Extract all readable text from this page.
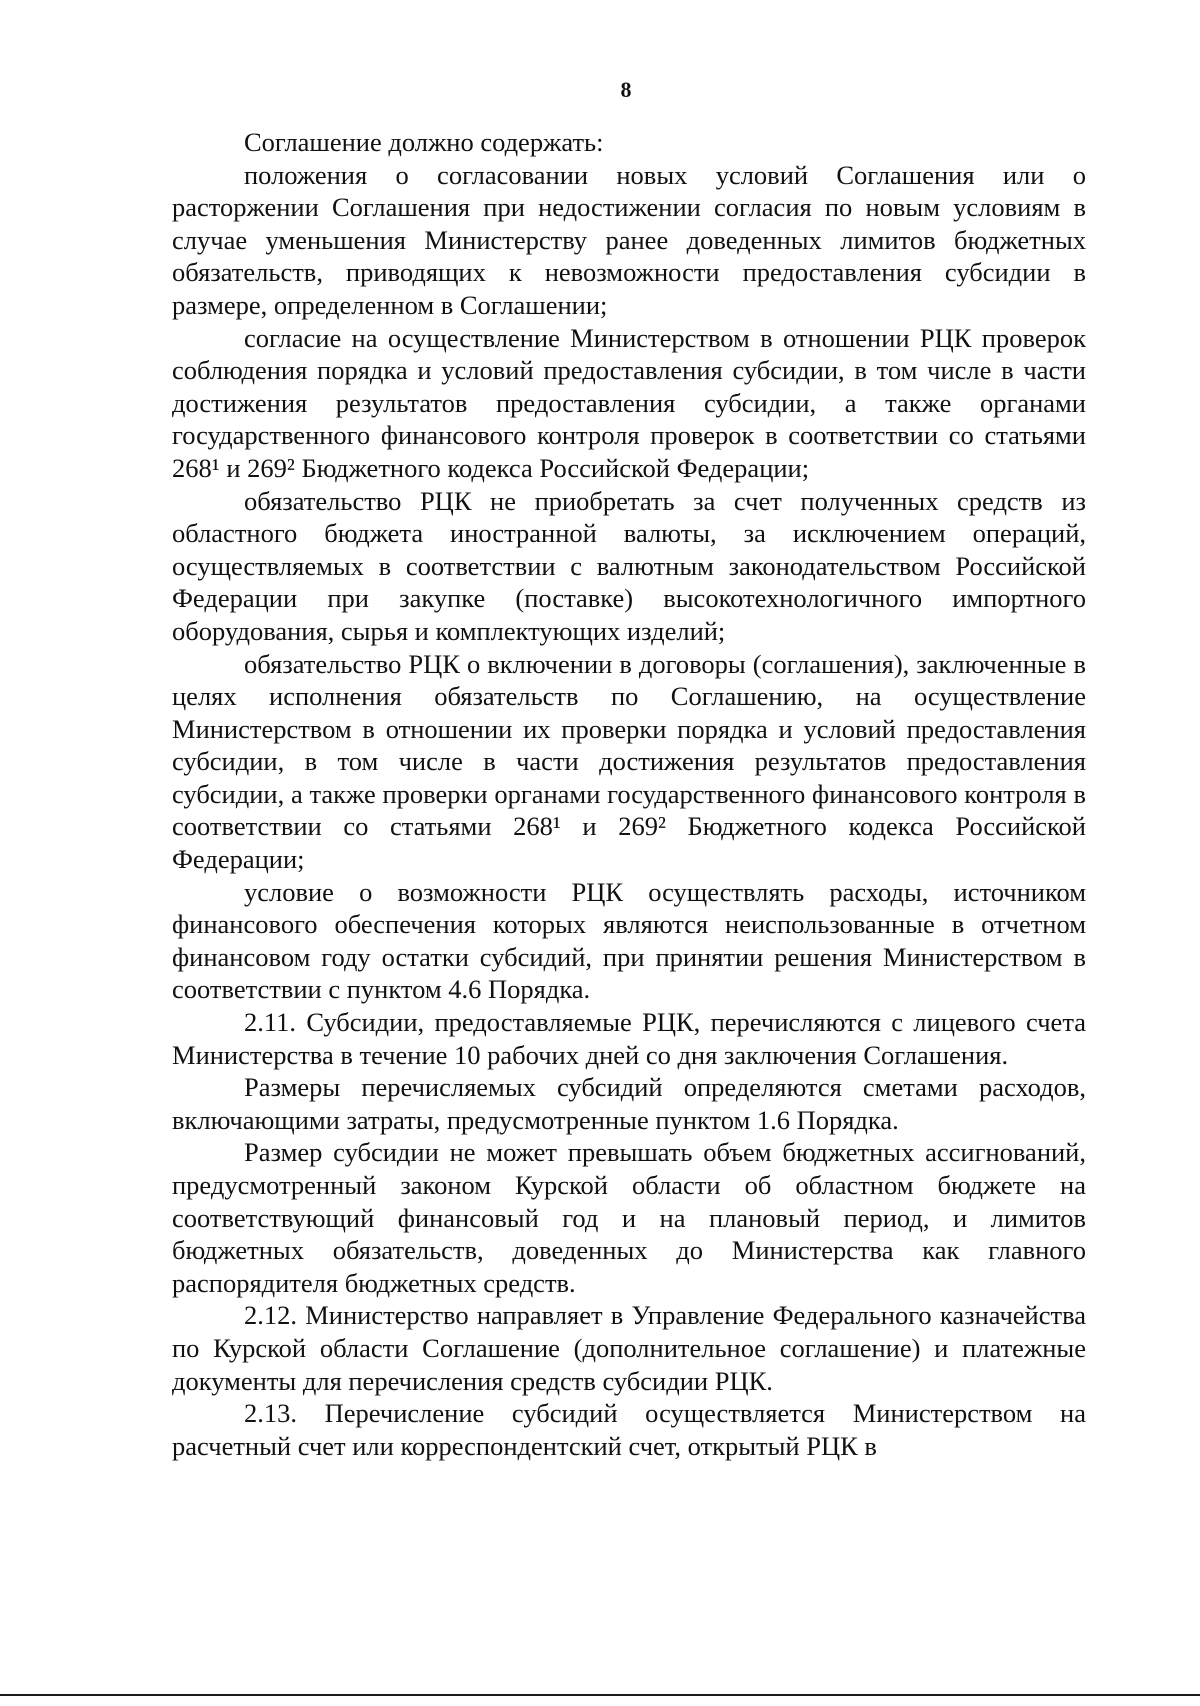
8

Соглашение должно содержать:

положения о согласовании новых условий Соглашения или о расторжении Соглашения при недостижении согласия по новым условиям в случае уменьшения Министерству ранее доведенных лимитов бюджетных обязательств, приводящих к невозможности предоставления субсидии в размере, определенном в Соглашении;

согласие на осуществление Министерством в отношении РЦК проверок соблюдения порядка и условий предоставления субсидии, в том числе в части достижения результатов предоставления субсидии, а также органами государственного финансового контроля проверок в соответствии со статьями 268¹ и 269² Бюджетного кодекса Российской Федерации;

обязательство РЦК не приобретать за счет полученных средств из областного бюджета иностранной валюты, за исключением операций, осуществляемых в соответствии с валютным законодательством Российской Федерации при закупке (поставке) высокотехнологичного импортного оборудования, сырья и комплектующих изделий;

обязательство РЦК о включении в договоры (соглашения), заключенные в целях исполнения обязательств по Соглашению, на осуществление Министерством в отношении их проверки порядка и условий предоставления субсидии, в том числе в части достижения результатов предоставления субсидии, а также проверки органами государственного финансового контроля в соответствии со статьями 268¹ и 269² Бюджетного кодекса Российской Федерации;

условие о возможности РЦК осуществлять расходы, источником финансового обеспечения которых являются неиспользованные в отчетном финансовом году остатки субсидий, при принятии решения Министерством в соответствии с пунктом 4.6 Порядка.

2.11. Субсидии, предоставляемые РЦК, перечисляются с лицевого счета Министерства в течение 10 рабочих дней со дня заключения Соглашения.

Размеры перечисляемых субсидий определяются сметами расходов, включающими затраты, предусмотренные пунктом 1.6 Порядка.

Размер субсидии не может превышать объем бюджетных ассигнований, предусмотренный законом Курской области об областном бюджете на соответствующий финансовый год и на плановый период, и лимитов бюджетных обязательств, доведенных до Министерства как главного распорядителя бюджетных средств.

2.12. Министерство направляет в Управление Федерального казначейства по Курской области Соглашение (дополнительное соглашение) и платежные документы для перечисления средств субсидии РЦК.

2.13. Перечисление субсидий осуществляется Министерством на расчетный счет или корреспондентский счет, открытый РЦК в
